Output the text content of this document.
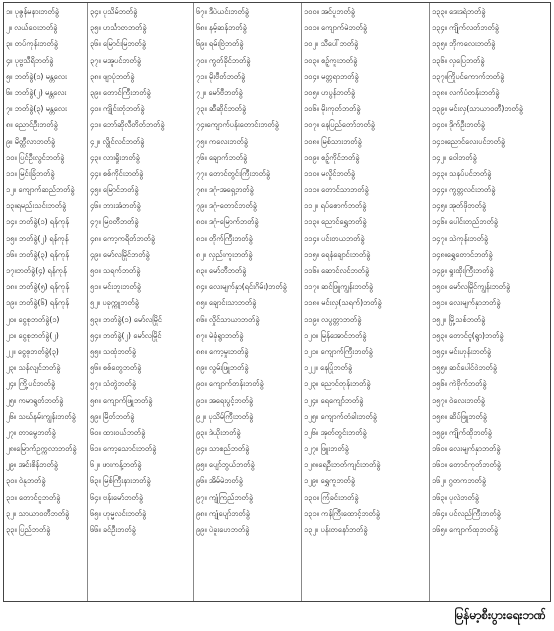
၁။ ပုဇွန်မနားဘတ်ခွဲ
၂။ လယ်ဝေးဘတ်ခွဲ
၃။ တပ်ကုန်းဘတ်ခွဲ
၄။ ပုဗ္ဗသီရိဘတ်ခွဲ
၅။ ဘတ်ခွဲ(၁) မန္တလေး
၆။ ဘတ်ခွဲ(၂) မန္တလေး
၇။ ဘတ်ခွဲ(၃) မန္တလေး
၈။ ညောင်ဦးဘတ်ခွဲ
၉။ မိတ္ထီလာဘတ်ခွဲ
၁၀။ ပြင်ဦးလွင်ဘတ်ခွဲ
၁၁။ မြင်းခြံဘတ်ခွဲ
၁၂။ ကျောက်ဆည်ဘတ်ခွဲ
၁၃။ရမည်းသင်းဘတ်ခွဲ
၁၄။ ဘတ်ခွဲ(၁) ရန်ကုန်
၁၅။ ဘတ်ခွဲ(၂) ရန်ကုန်
၁၆။ ဘတ်ခွဲ(၃) ရန်ကုန်
၁၇။ဘတ်ခွဲ(၄) ရန်ကုန်
၁၈။ ဘတ်ခွဲ(၅) ရန်ကုန်
၁၉။ ဘတ်ခွဲ(၆) ရန်ကုန်
၂၀။ ငွေစုဘတ်ခွဲ(၁)
၂၁။ ငွေစုဘတ်ခွဲ(၂)
၂၂။ ငွေစုဘတ်ခွဲ(၃)
၂၃။ သန်လျင်ဘတ်ခွဲ
၂၄။ ကြို့ပင်ဘတ်ခွဲ
၂၅။ ကမာရွတ်ဘတ်ခွဲ
၂၆။ သဃ်နမ်းကျွန်းဘတ်ခွဲ
၂၇။ တာမွေဘတ်ခွဲ
၂၈။မြောက်ဥက္ကလာဘတ်ခွဲ
၂၉။ အင်းစိန်ဘတ်ခွဲ
၃၀။ ဝဲနုဘတ်ခွဲ
၃၁။ တောင်ငူဘတ်ခွဲ
၃၂။ သာယာဝတီဘတ်ခွဲ
၃၃။ ပြည်ဘတ်ခွဲ
၃၄။ ပုသိမ်ဘတ်ခွဲ
၃၅။ ဟင်္သာတဘတ်ခွဲ
၃၆။ မြောင်းမြဘတ်ခွဲ
၃၇။ မအူပင်ဘတ်ခွဲ
၃၈။ ဖျာပုံဘတ်ခွဲ
၃၉။ တောင်ကြီးဘတ်ခွဲ
၄၀။ ကျိုင်းတုံဘတ်ခွဲ
၄၁။ ဘော်ဆိုလီတိတ်ဘတ်ခွဲ
၄၂။ လွိုင်လင်ဘတ်ခွဲ
၄၃။ လားရှိုးဘတ်ခွဲ
၄၄။ စစ်ကိုင်းဘတ်ခွဲ
၄၅။ မြောင်ဘတ်ခွဲ
၄၆။ ဘားအံဘတ်ခွဲ
၄၇။ မြဝတီဘတ်ခွဲ
၄၈။ ကော့ကရိတ်ဘတ်ခွဲ
၄၉။ မော်လမြိုင်ဘတ်ခွဲ
၅၀။ သရက်ဘတ်ခွဲ
၅၁။ မင်းဘူးဘတ်ခွဲ
၅၂။ ပခုက္ကူဘတ်ခွဲ
၅၃။ ဘတ်ခွဲ(၁) မော်လမြိုင်
၅၄။ ဘတ်ခွဲ(၂) မော်လမြိုင်
၅၅။ သထုံဘတ်ခွဲ
၅၆။ စစ်တွေဘတ်ခွဲ
၅၇။ သံတွဲဘတ်ခွဲ
၅၈။ ကျောက်ဖြူဘတ်ခွဲ
၅၉။ မြိတ်ဘတ်ခွဲ
၆၀။ ထားဝယ်ဘတ်ခွဲ
၆၁။ ကော့သောင်းဘတ်ခွဲ
၆၂။ ဖားကန့်ဘတ်ခွဲ
၆၃။ မြစ်ကြီးနားဘတ်ခွဲ
၆၄။ ဗန်းမော်ဘတ်ခွဲ
၆၅။ ဟုမ္မလင်းဘတ်ခွဲ
၆၆။ ခင်ဦးဘတ်ခွဲ
၆၇။ ဒီပဲယင်းဘတ်ခွဲ
၆၈။ နမ့်ဆန်ဘတ်ခွဲ
၆၉။ ရမ်းဗြဲဘတ်ခွဲ
၇၀။ ကွတ်ခိုင်ဘတ်ခွဲ
၇၁။ မိုးဗီတ်ဘတ်ခွဲ
၇၂။ မော်ဗီဘတ်ခွဲ
၇၃။ ဆီဆိုင်ဘတ်ခွဲ
၇၄။ကျောက်ပန်းတောင်းဘတ်ခွဲ
၇၅။ ကလေးဘတ်ခွဲ
၇၆။ ချောက်ဘတ်ခွဲ
၇၇။ တောင်တွင်းကြီးဘတ်ခွဲ
၇၈။ ဒဂုံ-အရှေ့ဘတ်ခွဲ
၇၉။ ဒဂုံ-တောင်ဘတ်ခွဲ
၈၀။ ဒဂုံ-မြောက်ဘတ်ခွဲ
၈၁။ တိုက်ကြီးဘတ်ခွဲ
၈၂။ လှည်းကူးဘတ်ခွဲ
၈၃။ မော်ဘီဘတ်ခွဲ
၈၄။ လေးမျက်နှာ(ရင်းဂိမ်း)ဘတ်ခွဲ
၈၅။ ချောင်းသာဘတ်ခွဲ
၈၆။ လှိုင်သာယာဘတ်ခွဲ
၈၇။ မဲခုံရွာဘတ်ခွဲ
၈၈။ ကော့မှုးဘတ်ခွဲ
၈၉။ လွမ်းဖြူဘတ်ခွဲ
၉၀။ ကျောက်တန်းဘတ်ခွဲ
၉၁။ အရေးပွင့်ဘတ်ခွဲ
၉၂။ ပုသိမ်ကြီးဘတ်ခွဲ
၉၃။ ဒဲယိုးဘတ်ခွဲ
၉၄။ သာစည်ဘတ်ခွဲ
၉၅။ ပျော်ဘွယ်ဘတ်ခွဲ
၉၆။ အိမ်မဲဘတ်ခွဲ
၉၇။ ကျုံကြည်ဘတ်ခွဲ
၉၈။ ကျုံပျော်ဘတ်ခွဲ
၉၉။ ပဲခူးဟေဘတ်ခွဲ
၁၀၀။ အင်ပူဘတ်ခွဲ
၁၀၁။ ကျောက်မဲဘတ်ခွဲ
၁၀၂။ သီပေါ်ဘတ်ခွဲ
၁၀၃။ စဥ့်ကူးဘတ်ခွဲ
၁၀၄။ မတ္တရာဘတ်ခွဲ
၁၀၅။ ဟပွန်ဘတ်ခွဲ
၁၀၆။ မိုးကုတ်ဘတ်ခွဲ
၁၀၇။ နေပြည်တော်ဘတ်ခွဲ
၁၀၈။ မြစ်သားဘတ်ခွဲ
၁၀၉။ စဥ့်ကိုင်ဘတ်ခွဲ
၁၁၀။ မလှိုင်ဘတ်ခွဲ
၁၁၁။ တောင်သာဘတ်ခွဲ
၁၁၂။ ရပ်စောက်ဘတ်ခွဲ
၁၁၃။ ညောင်ရွှေဘတ်ခွဲ
၁၁၄။ ပင်းတယဘတ်ခွဲ
၁၁၅။ ရေနံချောင်းဘတ်ခွဲ
၁၁၆။ ဆောင်လင်ဘတ်ခွဲ
၁၁၇။ ဆင်ဖြူကျွန်းဘတ်ခွဲ
၁၁၈။ မင်းလှ(သရက်)ဘတ်ခွဲ
၁၁၉။ လပွတ္တာဘတ်ခွဲ
၁၂၀။ မြန်အောင်ဘတ်ခွဲ
၁၂၁။ ကျောက်ကြီးဘတ်ခွဲ
၁၂၂။ နေပြုံဘတ်ခွဲ
၁၂၃။ ညောင်တုန်းဘတ်ခွဲ
၁၂၄။ ရေကျော်ဘတ်ခွဲ
၁၂၅။ ကျောက်တံခါးဘတ်ခွဲ
၁၂၆။ အုတ်တွင်းဘတ်ခွဲ
၁၂၇။ ဖြူးဘတ်ခွဲ
၁၂၈။ရေဦးဘတ်ကျင်းဘတ်ခွဲ
၁၂၉။ ရွှေကူဘတ်ခွဲ
၁၃၀။ ကြံခင်းဘတ်ခွဲ
၁၃၁။ ကန်ကြီးထောင့်ဘတ်ခွဲ
၁၃၂။ ပန်းတနော်ဘတ်ခွဲ
၁၃၃။ ဒေးဒရဲဘတ်ခွဲ
၁၃၄။ ကျိုက်လတ်ဘတ်ခွဲ
၁၃၅။ ဘိုကလေးဘတ်ခွဲ
၁၃၆။ လှပြေဘတ်ခွဲ
၁၃၇။ကြိုပင်ကောက်ဘတ်ခွဲ
၁၃၈။ လက်ပံတန်းဘတ်ခွဲ
၁၃၉။ မင်းလှ(သာယာဝတီ)ဘတ်ခွဲ
၁၄၀။ ဒိုက်ဦးဘတ်ခွဲ
၁၄၁။ညောင်လေးပင်ဘတ်ခွဲ
၁၄၂။ ဝေါဘတ်ခွဲ
၁၄၃။ သနပ်ပင်ဘတ်ခွဲ
၁၄၄။ ကွတ္တလင်းဘတ်ခွဲ
၁၄၅။ အုတ်ဖိုဘတ်ခွဲ
၁၄၆။ ပေါင်းတည်ဘတ်ခွဲ
၁၄၇။ သဲကုန်းဘတ်ခွဲ
၁၄၈။ရွှေတောင်ဘတ်ခွဲ
၁၄၉။ ရှုးထိုးကြီးဘတ်ခွဲ
၁၅၀။ မော်လမြိုင်ကျွန်းဘတ်ခွဲ
၁၅၁။ လေးမျက်နှာဘတ်ခွဲ
၁၅၂။ မြို့သစ်ဘတ်ခွဲ
၁၅၃။ တောင်ငူ(ရွာ)ဘတ်ခွဲ
၁၅၄။ မင်းဟုန်းဘတ်ခွဲ
၁၅၅။ ဆင်ပေါင်ဝဲဘတ်ခွဲ
၁၅၆။ ကဲဗိုက်ဘတ်ခွဲ
၁၅၇။ ဝဲလေးဘတ်ခွဲ
၁၅၈။ ဆိပ်ဖြူဘတ်ခွဲ
၁၅၉။ ကျိုက်ထိုဘတ်ခွဲ
၁၆၀။ လေးမျက်နှာဘတ်ခွဲ
၁၆၁။ တောင်ကုတ်ဘတ်ခွဲ
၁၆၂။ ဂွတကဘတ်ခွဲ
၁၆၃။ ပုလဲဘတ်ခွဲ
၁၆၄။ ပင်လည်ကြီးဘတ်ခွဲ
၁၆၅။ ကျောက်ထုဘတ်ခွဲ
မြန်မာ့စီးပွားရေးဘဏ်
